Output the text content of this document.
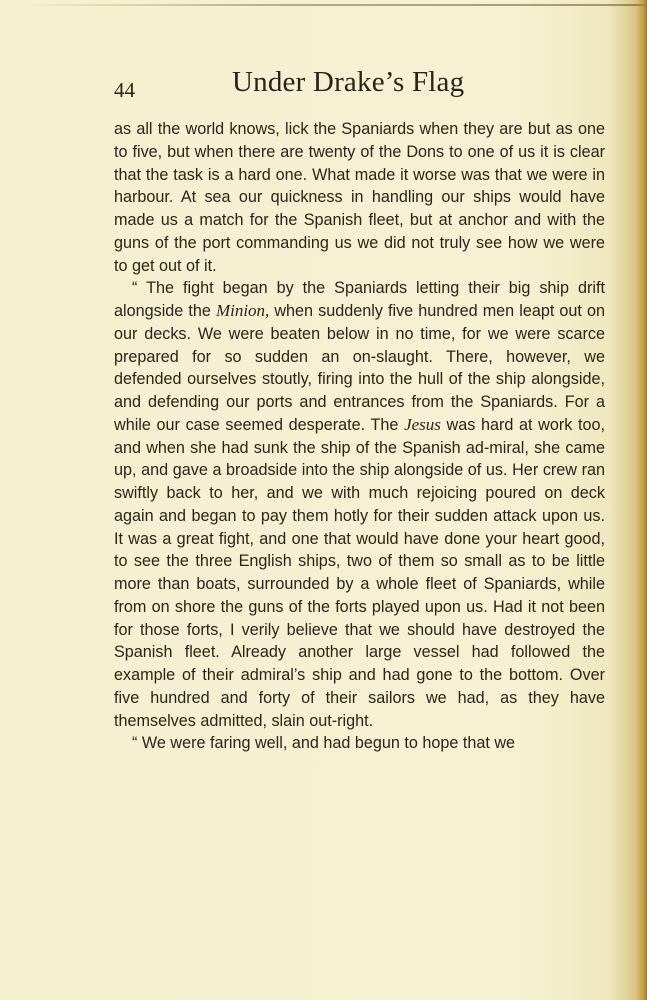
44	Under Drake’s Flag

as all the world knows, lick the Spaniards when they are but as one to five, but when there are twenty of the Dons to one of us it is clear that the task is a hard one. What made it worse was that we were in harbour. At sea our quickness in handling our ships would have made us a match for the Spanish fleet, but at anchor and with the guns of the port commanding us we did not truly see how we were to get out of it.

“ The fight began by the Spaniards letting their big ship drift alongside the Minion, when suddenly five hundred men leapt out on our decks. We were beaten below in no time, for we were scarce prepared for so sudden an on-slaught. There, however, we defended ourselves stoutly, firing into the hull of the ship alongside, and defending our ports and entrances from the Spaniards. For a while our case seemed desperate. The Jesus was hard at work too, and when she had sunk the ship of the Spanish ad-miral, she came up, and gave a broadside into the ship alongside of us. Her crew ran swiftly back to her, and we with much rejoicing poured on deck again and began to pay them hotly for their sudden attack upon us. It was a great fight, and one that would have done your heart good, to see the three English ships, two of them so small as to be little more than boats, surrounded by a whole fleet of Spaniards, while from on shore the guns of the forts played upon us. Had it not been for those forts, I verily believe that we should have destroyed the Spanish fleet. Already another large vessel had followed the example of their admiral’s ship and had gone to the bottom. Over five hundred and forty of their sailors we had, as they have themselves admitted, slain out-right.

“ We were faring well, and had begun to hope that we
